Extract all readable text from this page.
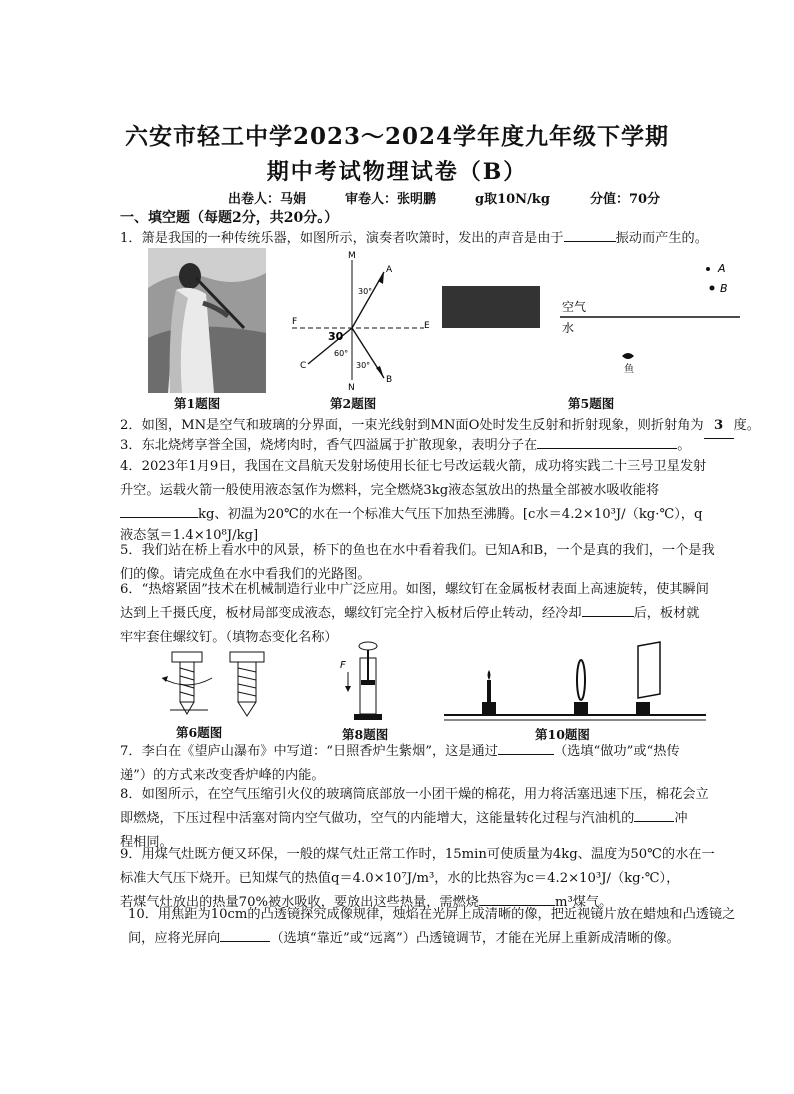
六安市轻工中学2023～2024学年度九年级下学期
期中考试物理试卷（B）
出卷人：马娟	审卷人：张明鹏	g取10N/kg	分值：70分
一、填空题（每题2分，共20分。）

1．箫是我国的一种传统乐器，如图所示，演奏者吹箫时，发出的声音是由于	振动而产生的。

第1题图
M
N
A
B
C
E
F
30°
30
60°
30°
第2题图
空气
水
A
B
鱼
第5题图

2．如图，MN是空气和玻璃的分界面，一束光线射到MN面O处时发生反射和折射现象，则折射角为 3 度。

3．东北烧烤享誉全国，烧烤肉时，香气四溢属于扩散现象，表明分子在	。

4．2023年1月9日，我国在文昌航天发射场使用长征七号改运载火箭，成功将实践二十三号卫星发射

升空。运载火箭一般使用液态氢作为燃料，完全燃烧3kg液态氢放出的热量全部被水吸收能将

kg、初温为20℃的水在一个标准大气压下加热至沸腾。[c水＝4.2×10³J/（kg·℃），q

液态氢＝1.4×10⁸J/kg]

5．我们站在桥上看水中的风景，桥下的鱼也在水中看着我们。已知A和B，一个是真的我们，一个是我

们的像。请完成鱼在水中看我们的光路图。

6．“热熔紧固”技术在机械制造行业中广泛应用。如图，螺纹钉在金属板材表面上高速旋转，使其瞬间

达到上千摄氏度，板材局部变成液态，螺纹钉完全拧入板材后停止转动，经冷却	后，板材就

牢牢套住螺纹钉。（填物态变化名称）

第6题图
F
第8题图	第10题图

7．李白在《望庐山瀑布》中写道：“日照香炉生紫烟”，这是通过	（选填“做功”或“热传

递”）的方式来改变香炉峰的内能。

8．如图所示，在空气压缩引火仪的玻璃筒底部放一小团干燥的棉花，用力将活塞迅速下压，棉花会立

即燃烧，下压过程中活塞对筒内空气做功，空气的内能增大，这能量转化过程与汽油机的	冲

程相同。

9．用煤气灶既方便又环保，一般的煤气灶正常工作时，15min可使质量为4kg、温度为50℃的水在一

标准大气压下烧开。已知煤气的热值q＝4.0×10⁷J/m³，水的比热容为c＝4.2×10³J/（kg·℃），

若煤气灶放出的热量70%被水吸收，要放出这些热量，需燃烧	m³煤气。

10．用焦距为10cm的凸透镜探究成像规律，烛焰在光屏上成清晰的像，把近视镜片放在蜡烛和凸透镜之

间，应将光屏向	（选填“靠近”或“远离”）凸透镜调节，才能在光屏上重新成清晰的像。
